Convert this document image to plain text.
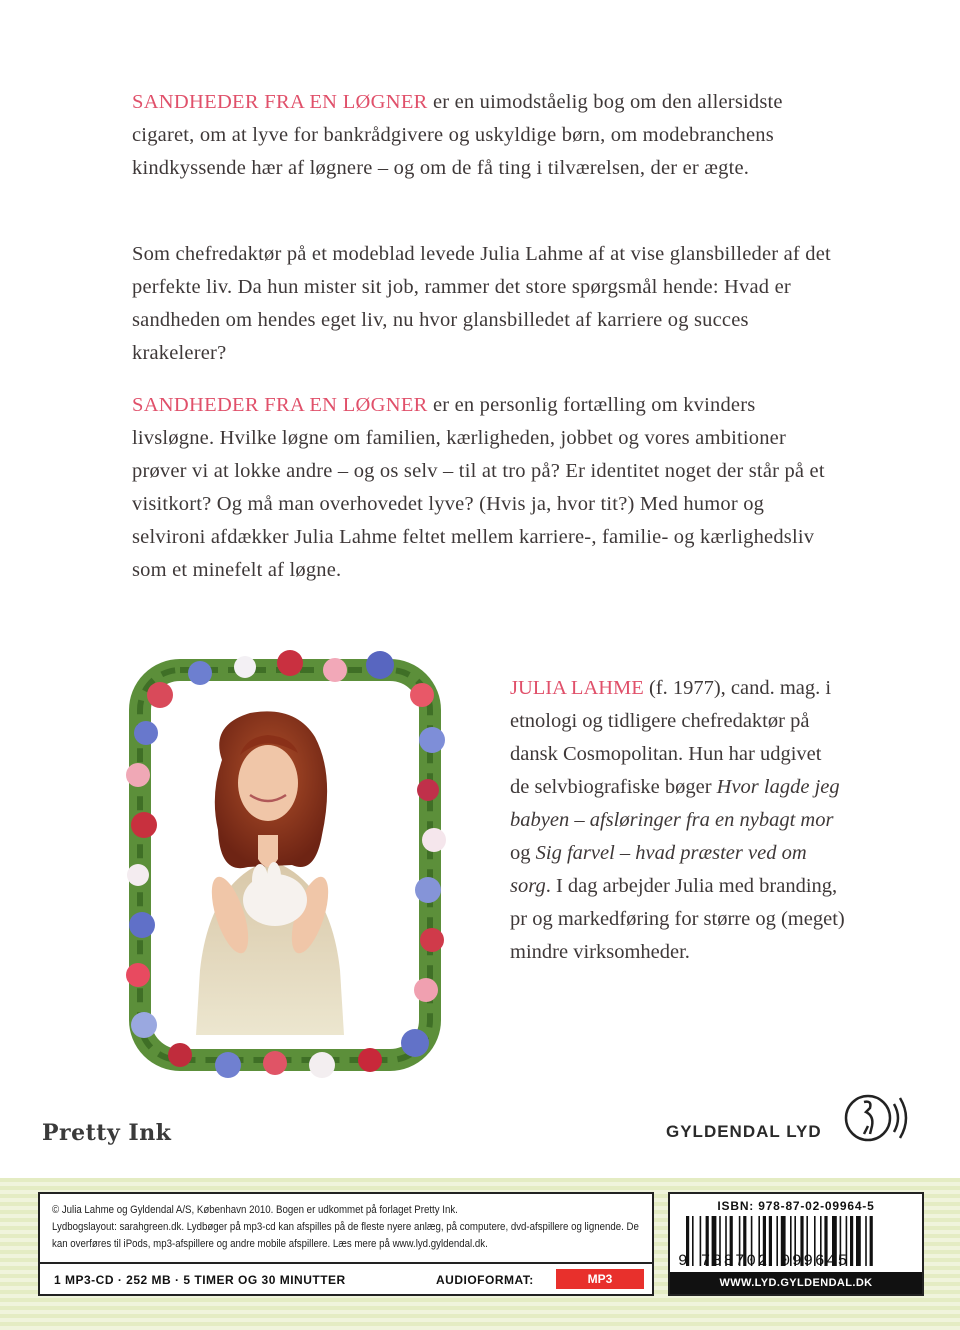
SANDHEDER FRA EN LØGNER er en uimodståelig bog om den allersidste cigaret, om at lyve for bankrådgivere og uskyldige børn, om modebranchens kindkyssende hær af løgnere – og om de få ting i tilværelsen, der er ægte.

Som chefredaktør på et modeblad levede Julia Lahme af at vise glansbilleder af det perfekte liv. Da hun mister sit job, rammer det store spørgsmål hende: Hvad er sandheden om hendes eget liv, nu hvor glansbilledet af karriere og succes krakelerer?

SANDHEDER FRA EN LØGNER er en personlig fortælling om kvinders livsløgne. Hvilke løgne om familien, kærligheden, jobbet og vores ambitioner prøver vi at lokke andre – og os selv – til at tro på? Er identitet noget der står på et visitkort? Og må man overhovedet lyve? (Hvis ja, hvor tit?) Med humor og selvironi afdækker Julia Lahme feltet mellem karriere-, familie- og kærlighedsliv som et minefelt af løgne.

JULIA LAHME (f. 1977), cand. mag. i etnologi og tidligere chefredaktør på dansk Cosmopolitan. Hun har udgivet de selvbiografiske bøger Hvor lagde jeg babyen – afsløringer fra en nybagt mor og Sig farvel – hvad præster ved om sorg. I dag arbejder Julia med branding, pr og markedføring for større og (meget) mindre virksomheder.

Pretty Ink	GYLDENDAL LYD
© Julia Lahme og Gyldendal A/S, København 2010. Bogen er udkommet på forlaget Pretty Ink.
Lydbogslayout: sarahgreen.dk. Lydbøger på mp3-cd kan afspilles på de fleste nyere anlæg, på computere, dvd-afspillere og lignende. De kan overføres til iPods, mp3-afspillere og andre mobile afspillere. Læs mere på www.lyd.gyldendal.dk.
1 MP3-CD · 252 MB · 5 TIMER OG 30 MINUTTER	AUDIOFORMAT:	MP3
ISBN: 978-87-02-09964-5
9 788702 099645
WWW.LYD.GYLDENDAL.DK
